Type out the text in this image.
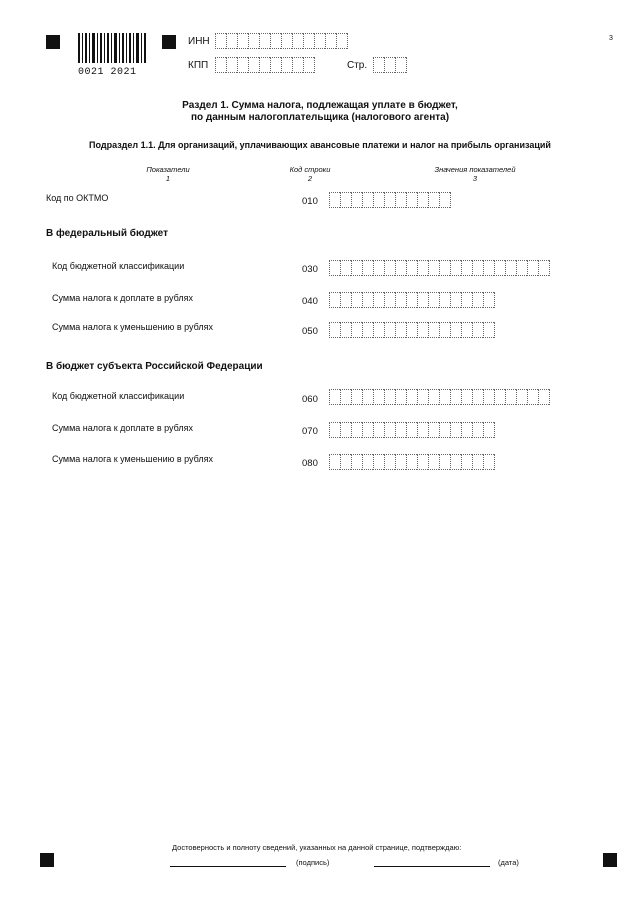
3
0021 2021
ИНН
КПП	Стр.
Раздел 1. Сумма налога, подлежащая уплате в бюджет,
по данным налогоплательщика (налогового агента)
Подраздел 1.1. Для организаций, уплачивающих авансовые платежи и налог на прибыль организаций
Показатели
1
Код строки
2
Значения показателей
3
Код по ОКТМО	010
В федеральный бюджет
Код бюджетной классификации	030
Сумма налога к доплате в рублях	040
Сумма налога к уменьшению в рублях	050
В бюджет субъекта Российской Федерации
Код бюджетной классификации	060
Сумма налога к доплате в рублях	070
Сумма налога к уменьшению в рублях	080
Достоверность и полноту сведений, указанных на данной странице, подтверждаю:
(подпись)	(дата)
